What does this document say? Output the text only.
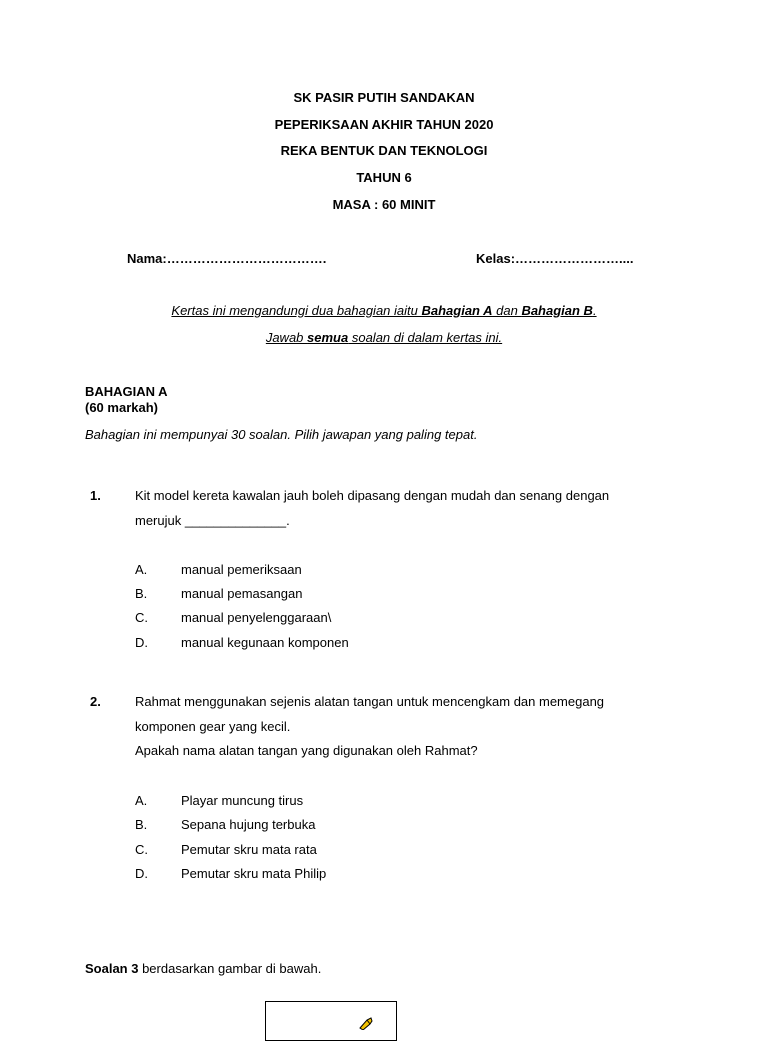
SK PASIR PUTIH SANDAKAN
PEPERIKSAAN AKHIR TAHUN 2020
REKA BENTUK DAN TEKNOLOGI
TAHUN 6
MASA : 60 MINIT
Nama:……………………………….	Kelas:……………………....
Kertas ini mengandungi dua bahagian iaitu Bahagian A dan Bahagian B.
Jawab semua soalan di dalam kertas ini.
BAHAGIAN A
(60 markah)
Bahagian ini mempunyai 30 soalan. Pilih jawapan yang paling tepat.
1.	Kit model kereta kawalan jauh boleh dipasang dengan mudah dan senang dengan
merujuk ______________.
A.	manual pemeriksaan
B.	manual pemasangan
C.	manual penyelenggaraan\
D.	manual kegunaan komponen
2.	Rahmat menggunakan sejenis alatan tangan untuk mencengkam dan memegang
komponen gear yang kecil.
Apakah nama alatan tangan yang digunakan oleh Rahmat?
A.	Playar muncung tirus
B.	Sepana hujung terbuka
C.	Pemutar skru mata rata
D.	Pemutar skru mata Philip
Soalan 3 berdasarkan gambar di bawah.
